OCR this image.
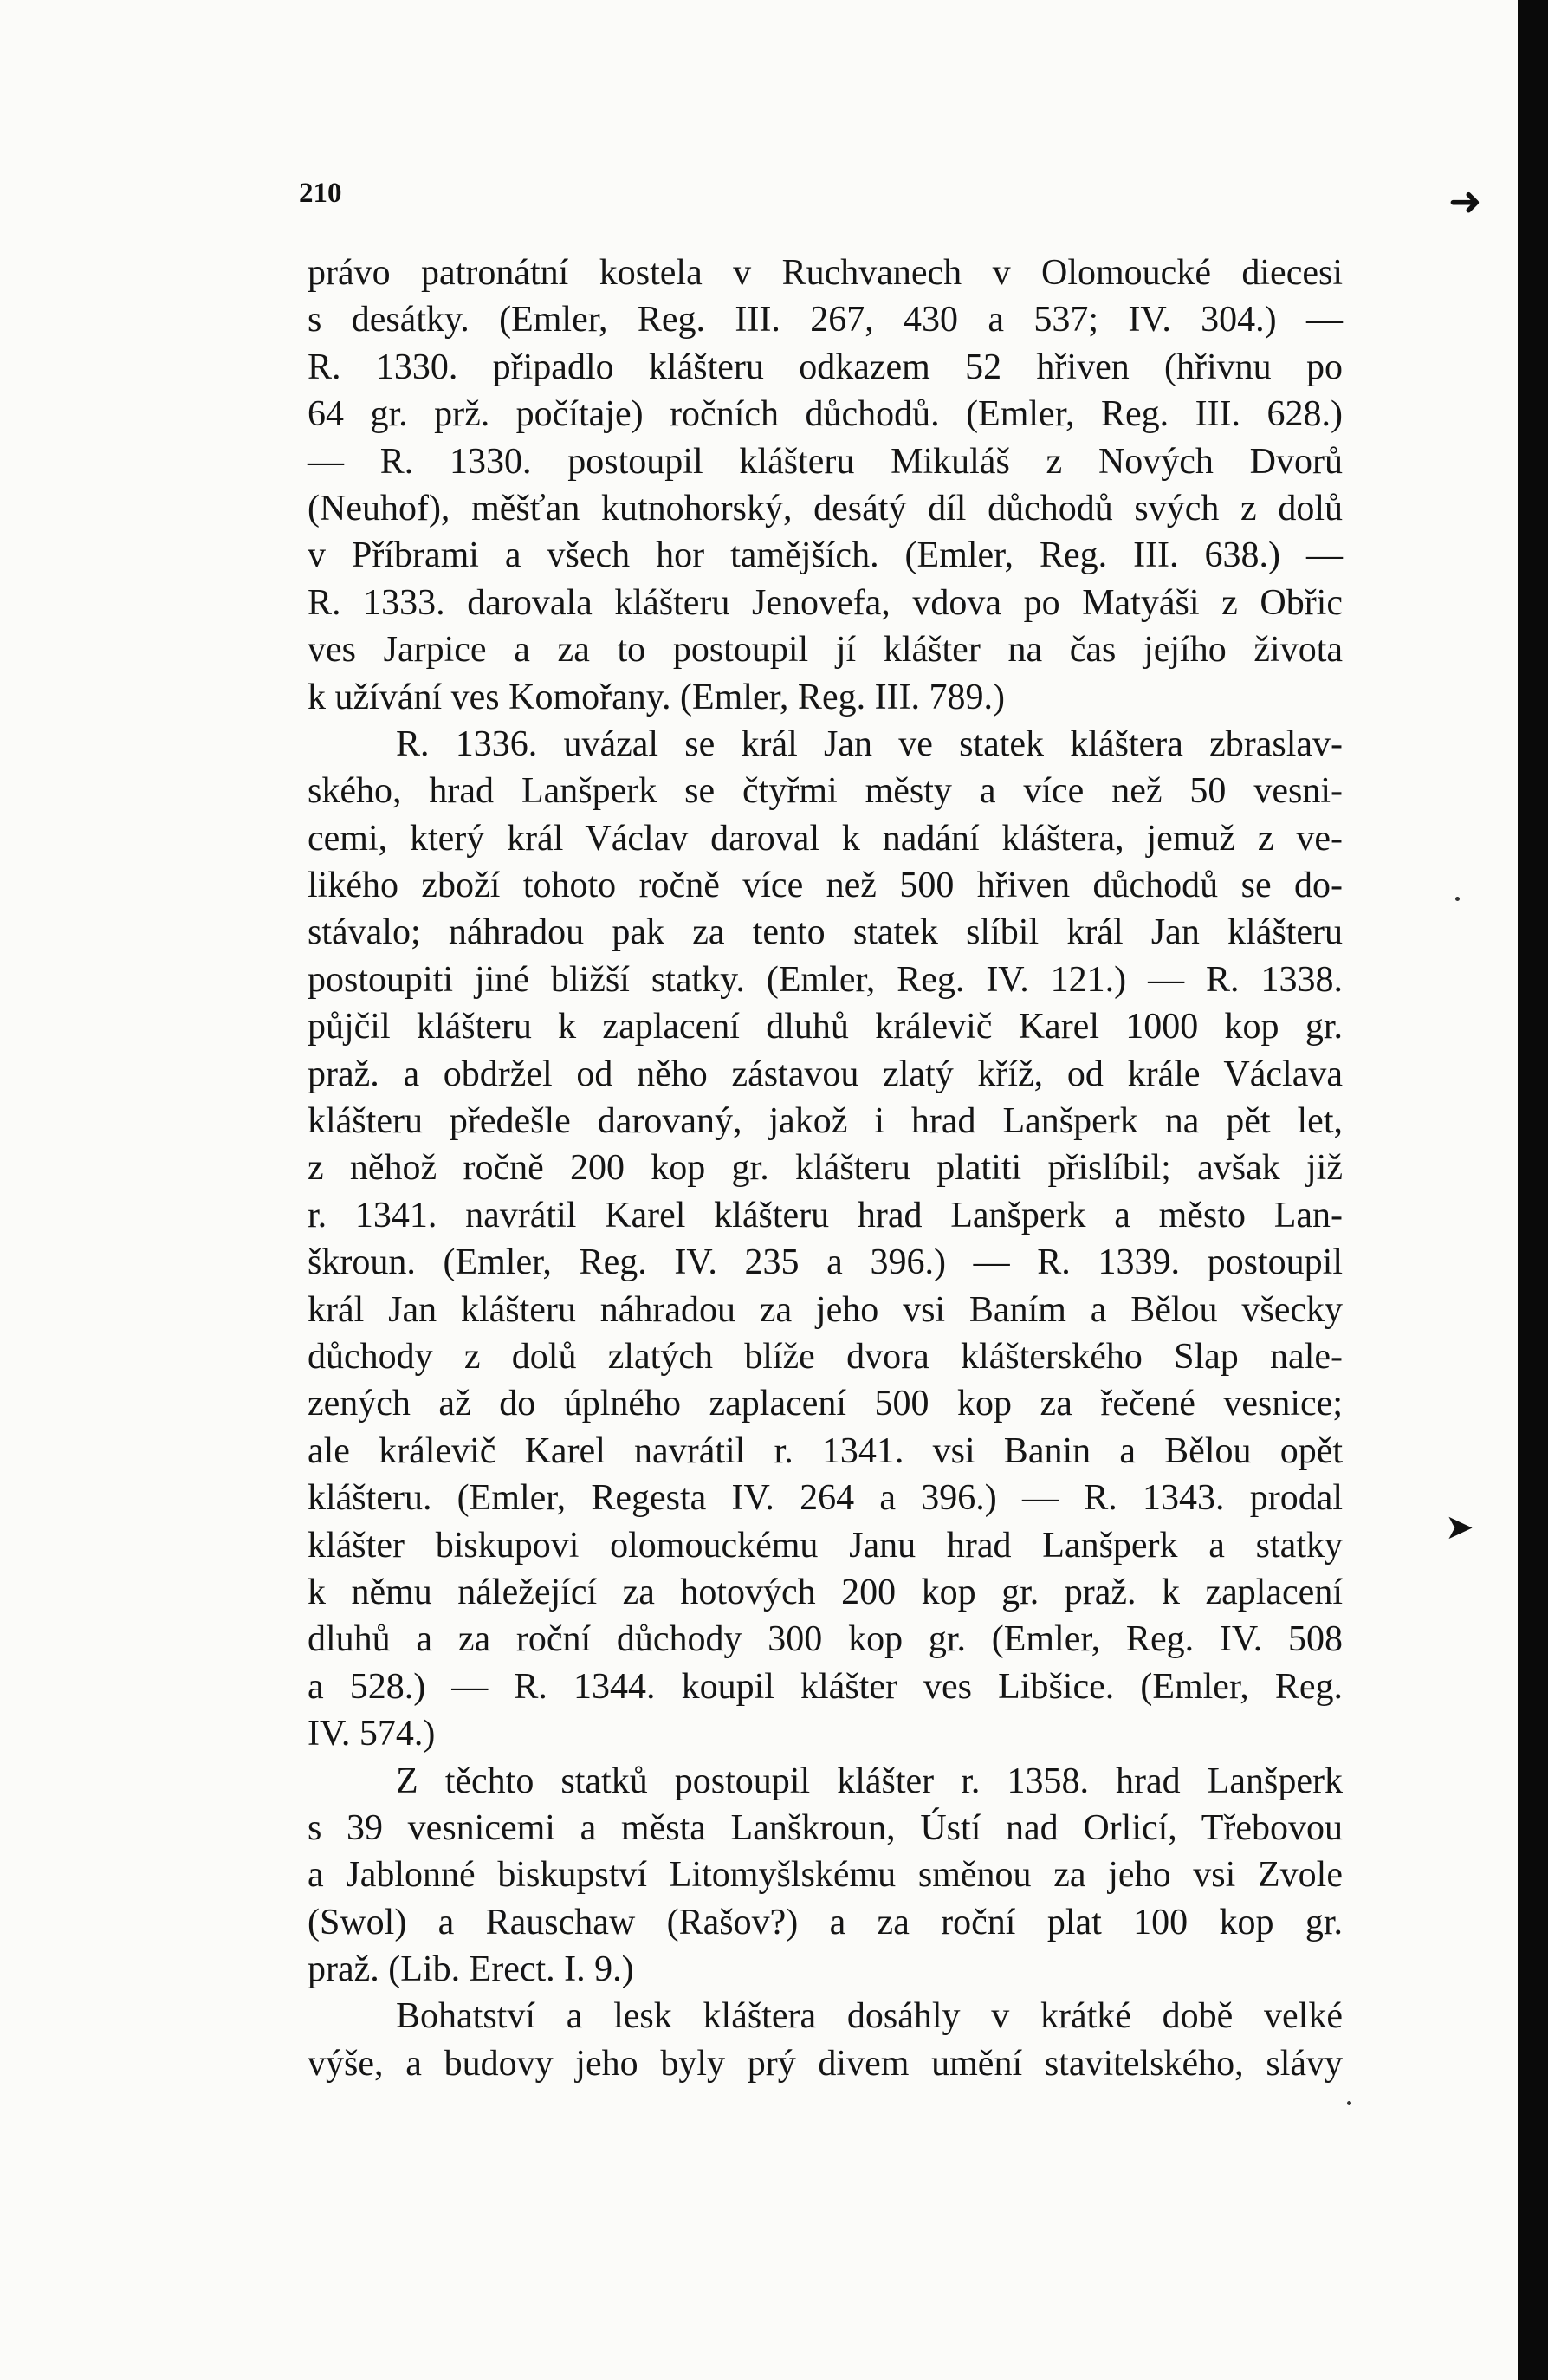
210
právo patronátní kostela v Ruchvanech v Olomoucké diecesi
s desátky. (Emler, Reg. III. 267, 430 a 537; IV. 304.) —
R. 1330. připadlo klášteru odkazem 52 hřiven (hřivnu po
64 gr. prž. počítaje) ročních důchodů. (Emler, Reg. III. 628.)
— R. 1330. postoupil klášteru Mikuláš z Nových Dvorů
(Neuhof), měšťan kutnohorský, desátý díl důchodů svých z dolů
v Příbrami a všech hor tamějších. (Emler, Reg. III. 638.) —
R. 1333. darovala klášteru Jenovefa, vdova po Matyáši z Obřic
ves Jarpice a za to postoupil jí klášter na čas jejího života
k užívání ves Komořany. (Emler, Reg. III. 789.)
R. 1336. uvázal se král Jan ve statek kláštera zbraslav-
ského, hrad Lanšperk se čtyřmi městy a více než 50 vesni-
cemi, který král Václav daroval k nadání kláštera, jemuž z ve-
likého zboží tohoto ročně více než 500 hřiven důchodů se do-
stávalo; náhradou pak za tento statek slíbil král Jan klášteru
postoupiti jiné bližší statky. (Emler, Reg. IV. 121.) — R. 1338.
půjčil klášteru k zaplacení dluhů králevič Karel 1000 kop gr.
praž. a obdržel od něho zástavou zlatý kříž, od krále Václava
klášteru předešle darovaný, jakož i hrad Lanšperk na pět let,
z něhož ročně 200 kop gr. klášteru platiti přislíbil; avšak již
r. 1341. navrátil Karel klášteru hrad Lanšperk a město Lan-
škroun. (Emler, Reg. IV. 235 a 396.) — R. 1339. postoupil
král Jan klášteru náhradou za jeho vsi Baním a Bělou všecky
důchody z dolů zlatých blíže dvora klášterského Slap nale-
zených až do úplného zaplacení 500 kop za řečené vesnice;
ale králevič Karel navrátil r. 1341. vsi Banin a Bělou opět
klášteru. (Emler, Regesta IV. 264 a 396.) — R. 1343. prodal
klášter biskupovi olomouckému Janu hrad Lanšperk a statky
k němu náležející za hotových 200 kop gr. praž. k zaplacení
dluhů a za roční důchody 300 kop gr. (Emler, Reg. IV. 508
a 528.) — R. 1344. koupil klášter ves Libšice. (Emler, Reg.
IV. 574.)
Z těchto statků postoupil klášter r. 1358. hrad Lanšperk
s 39 vesnicemi a města Lanškroun, Ústí nad Orlicí, Třebovou
a Jablonné biskupství Litomyšlskému směnou za jeho vsi Zvole
(Swol) a Rauschaw (Rašov?) a za roční plat 100 kop gr.
praž. (Lib. Erect. I. 9.)
Bohatství a lesk kláštera dosáhly v krátké době velké
výše, a budovy jeho byly prý divem umění stavitelského, slávy
➜
➤
